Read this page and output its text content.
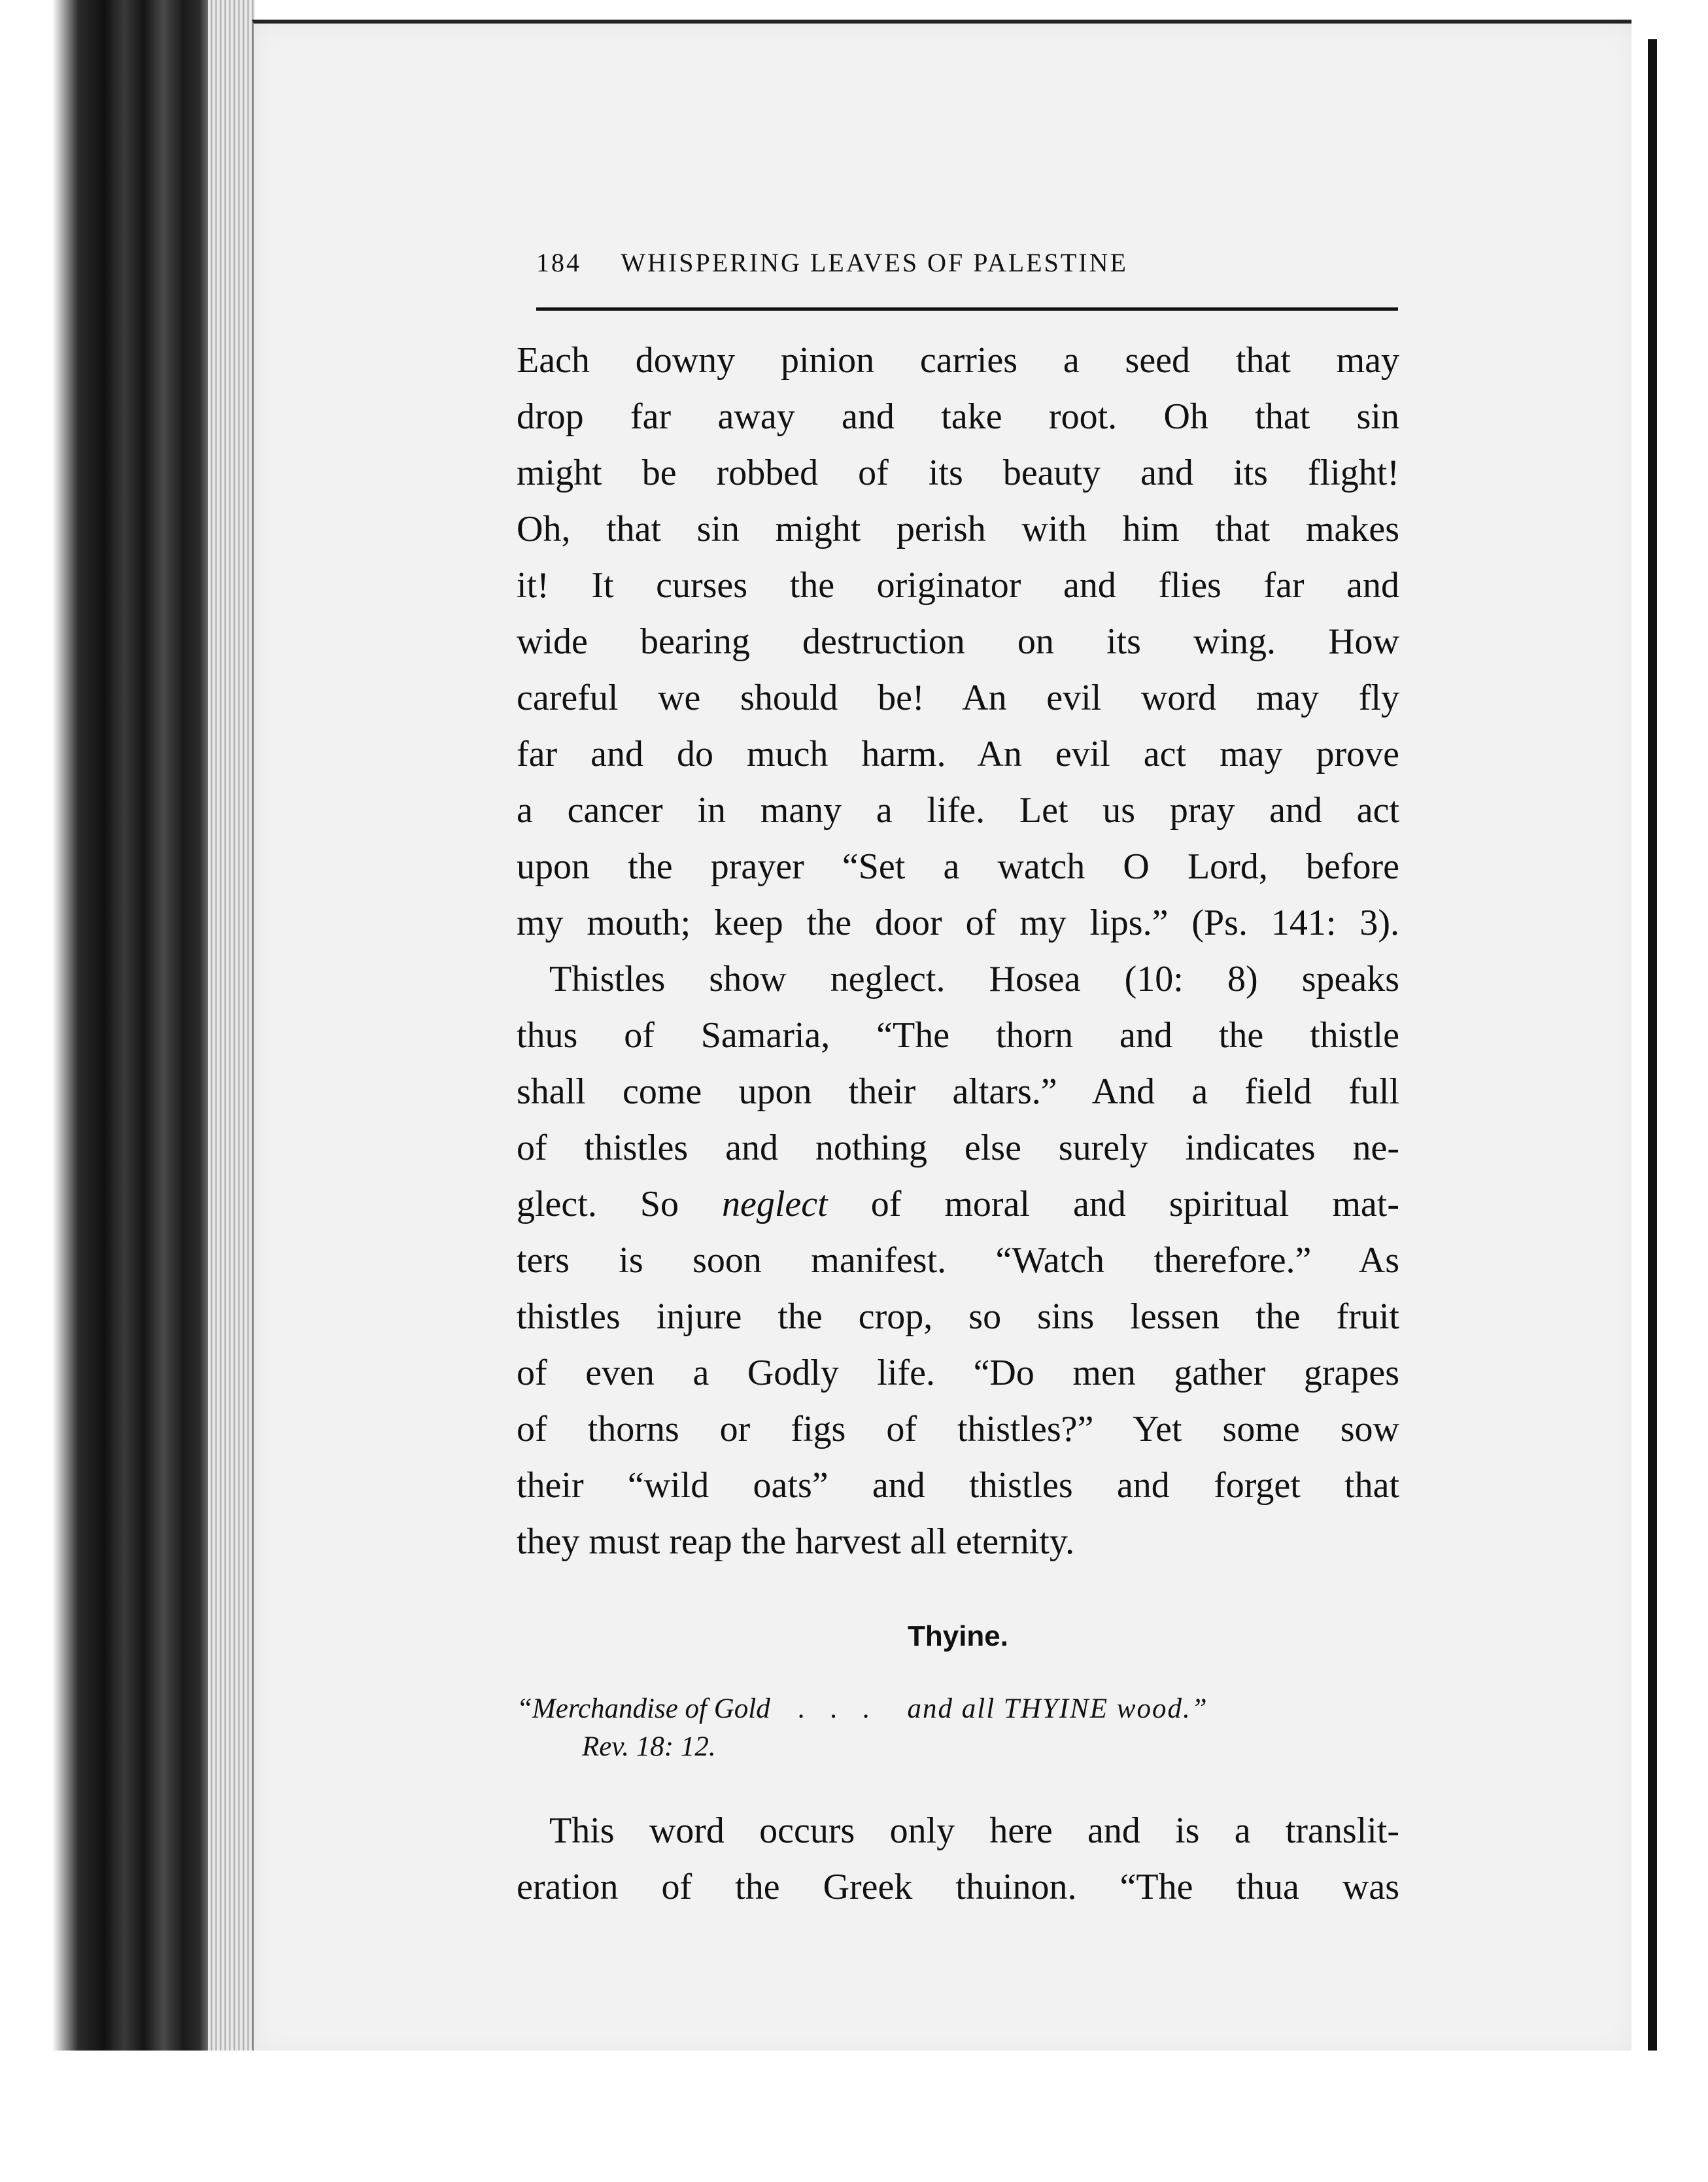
184 WHISPERING LEAVES OF PALESTINE

Each downy pinion carries a seed that may
drop far away and take root. Oh that sin
might be robbed of its beauty and its flight!
Oh, that sin might perish with him that makes
it! It curses the originator and flies far and
wide bearing destruction on its wing. How
careful we should be! An evil word may fly
far and do much harm. An evil act may prove
a cancer in many a life. Let us pray and act
upon the prayer “Set a watch O Lord, before
my mouth; keep the door of my lips.” (Ps. 141: 3).

Thistles show neglect. Hosea (10: 8) speaks
thus of Samaria, “The thorn and the thistle
shall come upon their altars.” And a field full
of thistles and nothing else surely indicates ne-
glect. So neglect of moral and spiritual mat-
ters is soon manifest. “Watch therefore.” As
thistles injure the crop, so sins lessen the fruit
of even a Godly life. “Do men gather grapes
of thorns or figs of thistles?” Yet some sow
their “wild oats” and thistles and forget that
they must reap the harvest all eternity.

Thyine.
“Merchandise of Gold . . . and all THYINE wood.”
Rev. 18: 12.

This word occurs only here and is a translit-
eration of the Greek thuinon. “The thua was
